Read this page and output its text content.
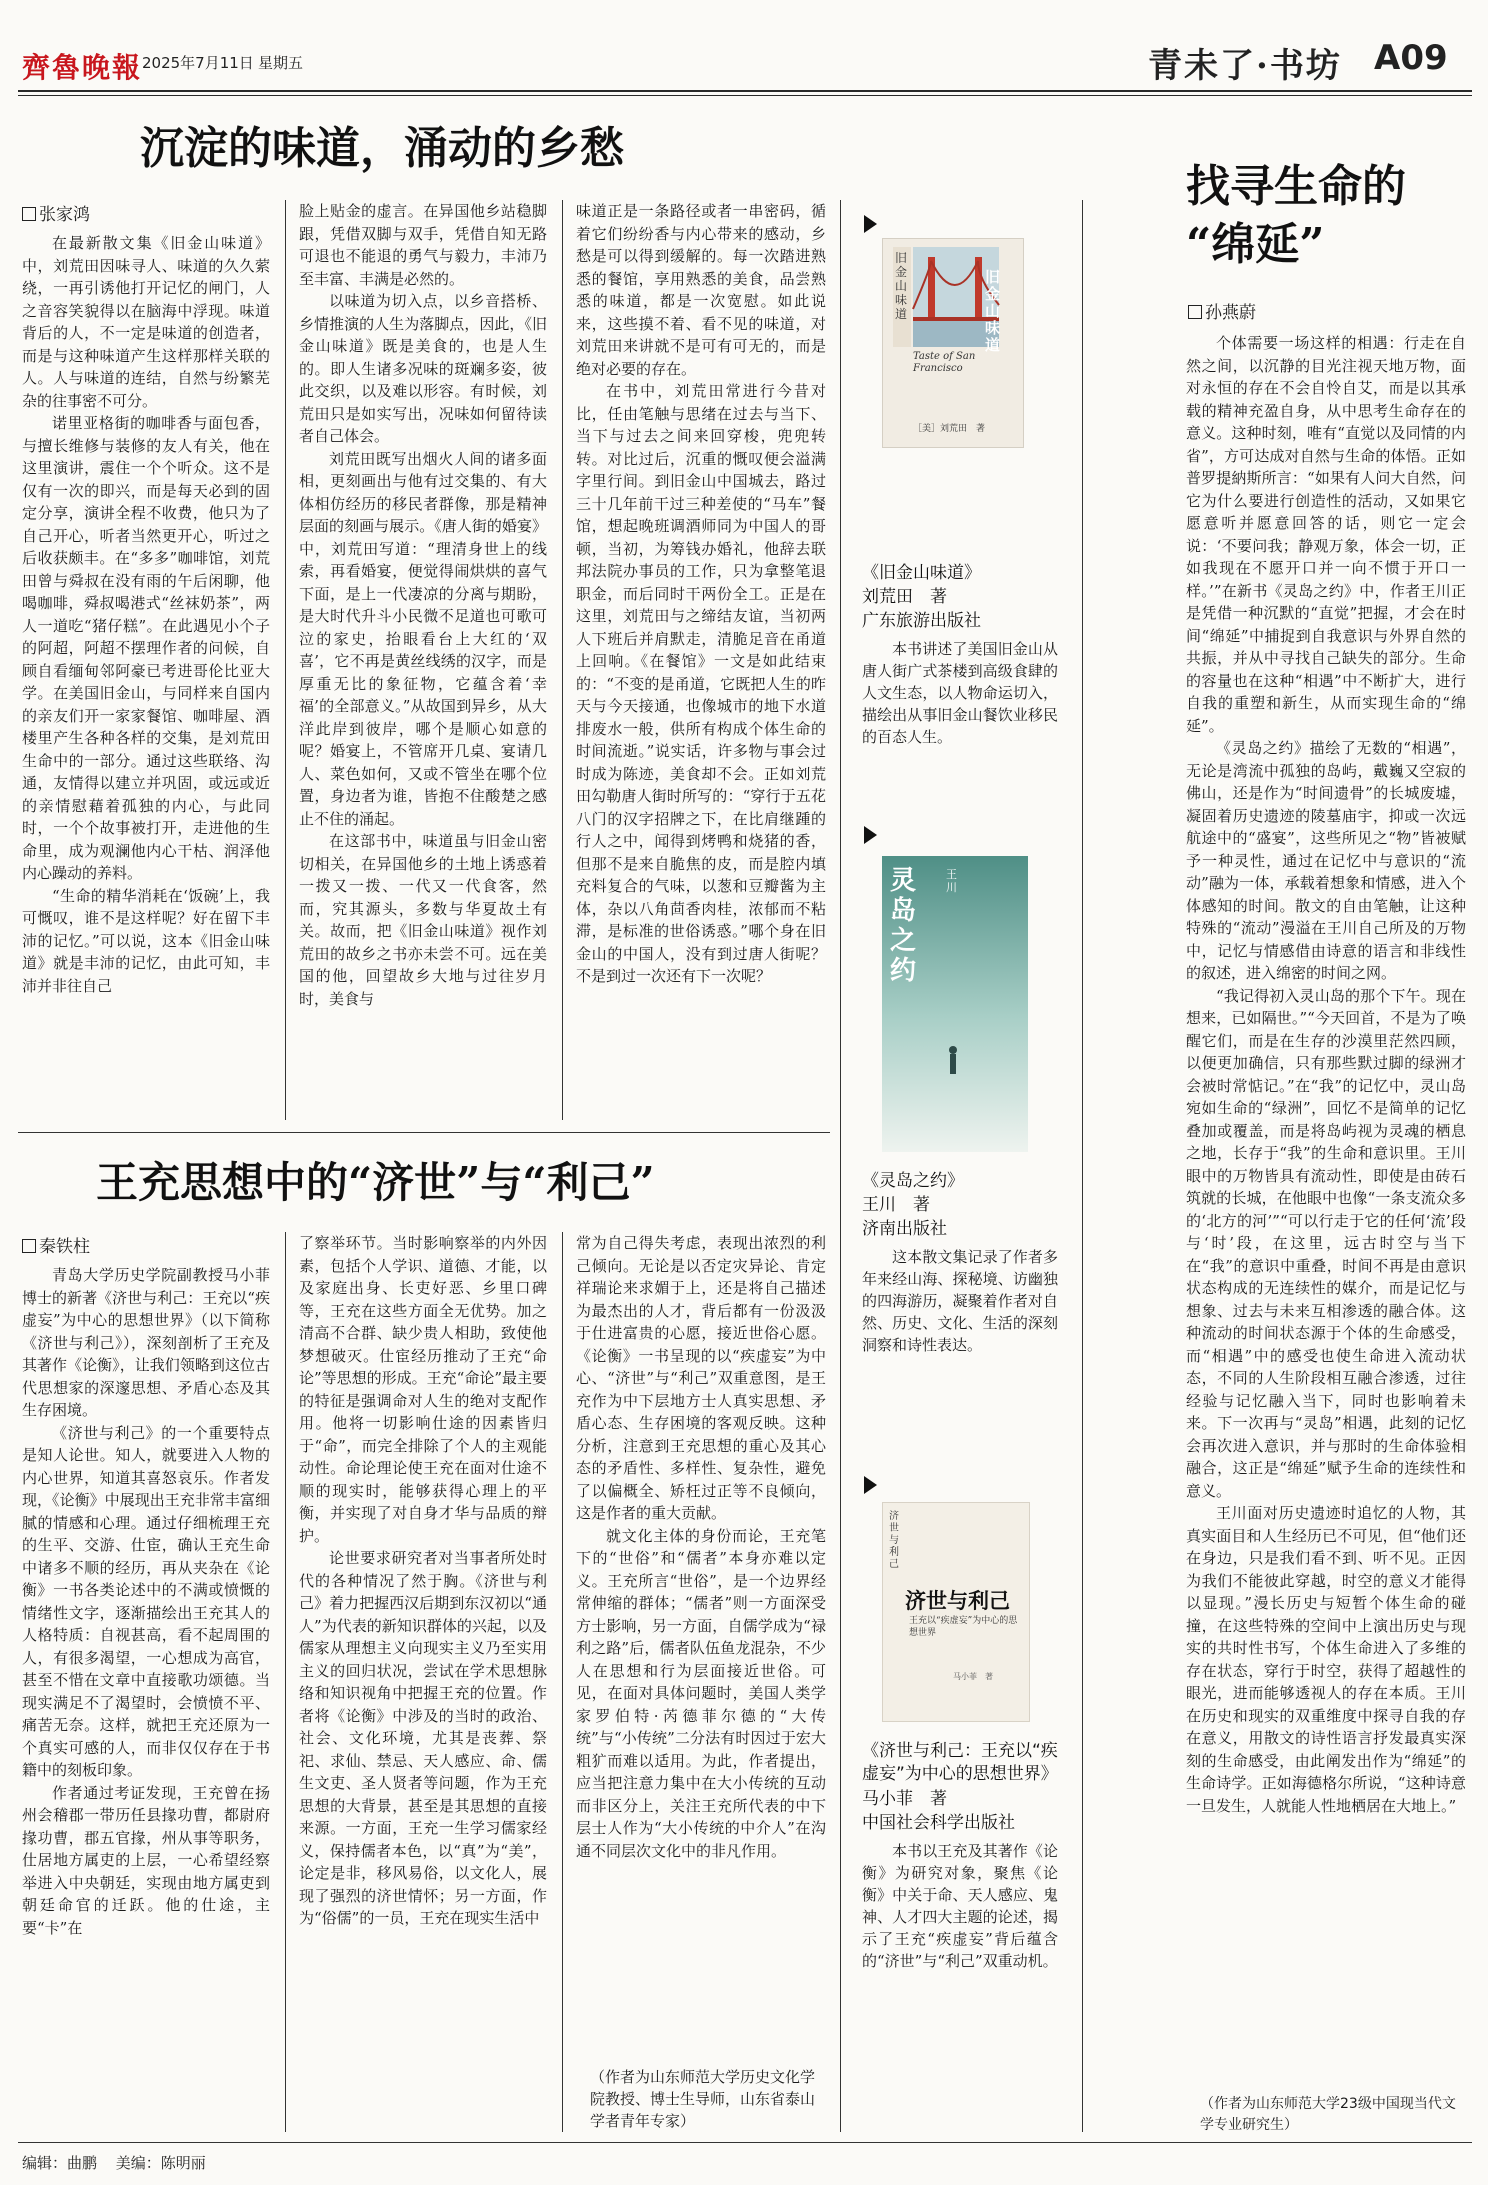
齊魯晚報 2025年7月11日 星期五	青未了·书坊 A09
沉淀的味道，涌动的乡愁
张家鸿

在最新散文集《旧金山味道》中，刘荒田因味寻人、味道的久久萦绕，一再引诱他打开记忆的闸门，人之音容笑貌得以在脑海中浮现。味道背后的人，不一定是味道的创造者，而是与这种味道产生这样那样关联的人。人与味道的连结，自然与纷繁芜杂的往事密不可分。

诺里亚格街的咖啡香与面包香，与擅长维修与装修的友人有关，他在这里演讲，震住一个个听众。这不是仅有一次的即兴，而是每天必到的固定分享，演讲全程不收费，他只为了自己开心，听者当然更开心，听过之后收获颇丰。在“多多”咖啡馆，刘荒田曾与舜叔在没有雨的午后闲聊，他喝咖啡，舜叔喝港式“丝袜奶茶”，两人一道吃“猪仔糕”。在此遇见小个子的阿超，阿超不摆理作者的问候，自顾自看缅甸邻阿豪已考进哥伦比亚大学。在美国旧金山，与同样来自国内的亲友们开一家家餐馆、咖啡屋、酒楼里产生各种各样的交集，是刘荒田生命中的一部分。通过这些联络、沟通，友情得以建立并巩固，或远或近的亲情慰藉着孤独的内心，与此同时，一个个故事被打开，走进他的生命里，成为观澜他内心干枯、润泽他内心躁动的养料。

“生命的精华消耗在‘饭碗’上，我可慨叹，谁不是这样呢？好在留下丰沛的记忆。”可以说，这本《旧金山味道》就是丰沛的记忆，由此可知，丰沛并非往自己

脸上贴金的虚言。在异国他乡站稳脚跟，凭借双脚与双手，凭借自知无路可退也不能退的勇气与毅力，丰沛乃至丰富、丰满是必然的。

以味道为切入点，以乡音搭桥、乡情推演的人生为落脚点，因此，《旧金山味道》既是美食的，也是人生的。即人生诸多况味的斑斓多姿，彼此交织，以及难以形容。有时候，刘荒田只是如实写出，况味如何留待读者自己体会。

刘荒田既写出烟火人间的诸多面相，更刻画出与他有过交集的、有大体相仿经历的移民者群像，那是精神层面的刻画与展示。《唐人街的婚宴》中，刘荒田写道：“理清身世上的线索，再看婚宴，便觉得闹烘烘的喜气下面，是上一代凄凉的分离与期盼，是大时代升斗小民微不足道也可歌可泣的家史，抬眼看台上大红的‘双喜’，它不再是黄丝线绣的汉字，而是厚重无比的象征物，它蕴含着‘幸福’的全部意义。”从故国到异乡，从大洋此岸到彼岸，哪个是顺心如意的呢？婚宴上，不管席开几桌、宴请几人、菜色如何，又或不管坐在哪个位置，身边者为谁，皆抱不住酸楚之感止不住的涌起。

在这部书中，味道虽与旧金山密切相关，在异国他乡的土地上诱惑着一拨又一拨、一代又一代食客，然而，究其源头，多数与华夏故土有关。故而，把《旧金山味道》视作刘荒田的故乡之书亦未尝不可。远在美国的他，回望故乡大地与过往岁月时，美食与

味道正是一条路径或者一串密码，循着它们纷纷香与内心带来的感动，乡愁是可以得到缓解的。每一次踏进熟悉的餐馆，享用熟悉的美食，品尝熟悉的味道，都是一次宽慰。如此说来，这些摸不着、看不见的味道，对刘荒田来讲就不是可有可无的，而是绝对必要的存在。

在书中，刘荒田常进行今昔对比，任由笔触与思绪在过去与当下、当下与过去之间来回穿梭，兜兜转转。对比过后，沉重的慨叹便会溢满字里行间。到旧金山中国城去，路过三十几年前干过三种差使的“马车”餐馆，想起晚班调酒师同为中国人的哥顿，当初，为筹钱办婚礼，他辞去联邦法院办事员的工作，只为拿整笔退职金，而后同时干两份全工。正是在这里，刘荒田与之缔结友谊，当初两人下班后并肩默走，清脆足音在甬道上回响。《在餐馆》一文是如此结束的：“不变的是甬道，它既把人生的昨天与今天接通，也像城市的地下水道排废水一般，供所有构成个体生命的时间流逝。”说实话，许多物与事会过时成为陈迹，美食却不会。正如刘荒田勾勒唐人街时所写的：“穿行于五花八门的汉字招牌之下，在比肩继踵的行人之中，闻得到烤鸭和烧猪的香，但那不是来自脆焦的皮，而是腔内填充料复合的气味，以葱和豆瓣酱为主体，杂以八角茴香肉桂，浓郁而不粘滞，是标准的世俗诱惑。”哪个身在旧金山的中国人，没有到过唐人街呢？不是到过一次还有下一次呢？

王充思想中的“济世”与“利己”
秦铁柱

青岛大学历史学院副教授马小菲博士的新著《济世与利己：王充以“疾虚妄”为中心的思想世界》（以下简称《济世与利己》），深刻剖析了王充及其著作《论衡》，让我们领略到这位古代思想家的深邃思想、矛盾心态及其生存困境。

《济世与利己》的一个重要特点是知人论世。知人，就要进入人物的内心世界，知道其喜怒哀乐。作者发现，《论衡》中展现出王充非常丰富细腻的情感和心理。通过仔细梳理王充的生平、交游、仕宦，确认王充生命中诸多不顺的经历，再从夹杂在《论衡》一书各类论述中的不满或愤慨的情绪性文字，逐渐描绘出王充其人的人格特质：自视甚高，看不起周围的人，有很多渴望，一心想成为高官，甚至不惜在文章中直接歌功颂德。当现实满足不了渴望时，会愤愤不平、痛苦无奈。这样，就把王充还原为一个真实可感的人，而非仅仅存在于书籍中的刻板印象。

作者通过考证发现，王充曾在扬州会稽郡一带历任县掾功曹，都尉府掾功曹，郡五官掾，州从事等职务，仕居地方属吏的上层，一心希望经察举进入中央朝廷，实现由地方属吏到朝廷命官的迁跃。他的仕途，主要“卡”在

了察举环节。当时影响察举的内外因素，包括个人学识、道德、才能，以及家庭出身、长吏好恶、乡里口碑等，王充在这些方面全无优势。加之清高不合群、缺少贵人相助，致使他梦想破灭。仕宦经历推动了王充“命论”等思想的形成。王充“命论”最主要的特征是强调命对人生的绝对支配作用。他将一切影响仕途的因素皆归于“命”，而完全排除了个人的主观能动性。命论理论使王充在面对仕途不顺的现实时，能够获得心理上的平衡，并实现了对自身才华与品质的辩护。

论世要求研究者对当事者所处时代的各种情况了然于胸。《济世与利己》着力把握西汉后期到东汉初以“通人”为代表的新知识群体的兴起，以及儒家从理想主义向现实主义乃至实用主义的回归状况，尝试在学术思想脉络和知识视角中把握王充的位置。作者将《论衡》中涉及的当时的政治、社会、文化环境，尤其是丧葬、祭祀、求仙、禁忌、天人感应、命、儒生文吏、圣人贤者等问题，作为王充思想的大背景，甚至是其思想的直接来源。一方面，王充一生学习儒家经义，保持儒者本色，以“真”为“美”，论定是非，移风易俗，以文化人，展现了强烈的济世情怀；另一方面，作为“俗儒”的一员，王充在现实生活中

常为自己得失考虑，表现出浓烈的利己倾向。无论是以否定灾异论、肯定祥瑞论来求媚于上，还是将自己描述为最杰出的人才，背后都有一份汲汲于仕进富贵的心愿，接近世俗心愿。《论衡》一书呈现的以“疾虚妄”为中心、“济世”与“利己”双重意图，是王充作为中下层地方士人真实思想、矛盾心态、生存困境的客观反映。这种分析，注意到王充思想的重心及其心态的矛盾性、多样性、复杂性，避免了以偏概全、矫枉过正等不良倾向，这是作者的重大贡献。

就文化主体的身份而论，王充笔下的“世俗”和“儒者”本身亦难以定义。王充所言“世俗”，是一个边界经常伸缩的群体；“儒者”则一方面深受方士影响，另一方面，自儒学成为“禄利之路”后，儒者队伍鱼龙混杂，不少人在思想和行为层面接近世俗。可见，在面对具体问题时，美国人类学家罗伯特·芮德菲尔德的“大传统”与“小传统”二分法有时因过于宏大粗犷而难以适用。为此，作者提出，应当把注意力集中在大小传统的互动而非区分上，关注王充所代表的中下层士人作为“大小传统的中介人”在沟通不同层次文化中的非凡作用。

（作者为山东师范大学历史文化学院教授、博士生导师，山东省泰山学者青年专家）
旧金山味道
旧金山味道
Taste of San Francisco
［美］刘荒田　著
《旧金山味道》
刘荒田　著
广东旅游出版社
本书讲述了美国旧金山从唐人街广式茶楼到高级食肆的人文生态，以人物命运切入，描绘出从事旧金山餐饮业移民的百态人生。
灵岛之约
王川
《灵岛之约》
王川　著
济南出版社
这本散文集记录了作者多年来经山海、探秘境、访幽独的四海游历，凝聚着作者对自然、历史、文化、生活的深刻洞察和诗性表达。
济世与利己
济世与利己
王充以“疾虚妄”为中心的思想世界
马小菲　著
《济世与利己：王充以“疾虚妄”为中心的思想世界》
马小菲　著
中国社会科学出版社
本书以王充及其著作《论衡》为研究对象，聚焦《论衡》中关于命、天人感应、鬼神、人才四大主题的论述，揭示了王充“疾虚妄”背后蕴含的“济世”与“利己”双重动机。
找寻生命的
“绵延”
孙燕蔚

个体需要一场这样的相遇：行走在自然之间，以沉静的目光注视天地万物，面对永恒的存在不会自怜自艾，而是以其承载的精神充盈自身，从中思考生命存在的意义。这种时刻，唯有“直觉以及同情的内省”，方可达成对自然与生命的体悟。正如普罗提納斯所言：“如果有人问大自然，问它为什么要进行创造性的活动，又如果它愿意听并愿意回答的话，则它一定会说：‘不要问我；静观万象，体会一切，正如我现在不愿开口并一向不惯于开口一样。’”在新书《灵岛之约》中，作者王川正是凭借一种沉默的“直觉”把握，才会在时间“绵延”中捕捉到自我意识与外界自然的共振，并从中寻找自己缺失的部分。生命的容量也在这种“相遇”中不断扩大，进行自我的重塑和新生，从而实现生命的“绵延”。

《灵岛之约》描绘了无数的“相遇”，无论是湾流中孤独的岛屿，戴巍又空寂的佛山，还是作为“时间遗骨”的长城废墟，凝固着历史遗迹的陵墓庙宇，抑或一次远航途中的“盛宴”，这些所见之“物”皆被赋予一种灵性，通过在记忆中与意识的“流动”融为一体，承载着想象和情感，进入个体感知的时间。散文的自由笔触，让这种特殊的“流动”漫溢在王川自己所及的万物中，记忆与情感借由诗意的语言和非线性的叙述，进入绵密的时间之网。

“我记得初入灵山岛的那个下午。现在想来，已如隔世。”“今天回首，不是为了唤醒它们，而是在生存的沙漠里茫然四顾，以便更加确信，只有那些默过脚的绿洲才会被时常惦记。”在“我”的记忆中，灵山岛宛如生命的“绿洲”，回忆不是简单的记忆叠加或覆盖，而是将岛屿视为灵魂的栖息之地，长存于“我”的生命和意识里。王川眼中的万物皆具有流动性，即使是由砖石筑就的长城，在他眼中也像“一条支流众多的‘北方的河’”“可以行走于它的任何‘流’段与‘时’段，在这里，远古时空与当下在“我”的意识中重叠，时间不再是由意识状态构成的无连续性的媒介，而是记忆与想象、过去与未来互相渗透的融合体。这种流动的时间状态源于个体的生命感受，而“相遇”中的感受也使生命进入流动状态，不同的人生阶段相互融合渗透，过往经验与记忆融入当下，同时也影响着未来。下一次再与“灵岛”相遇，此刻的记忆会再次进入意识，并与那时的生命体验相融合，这正是“绵延”赋予生命的连续性和意义。

王川面对历史遗迹时追忆的人物，其真实面目和人生经历已不可见，但“他们还在身边，只是我们看不到、听不见。正因为我们不能彼此穿越，时空的意义才能得以显现。”漫长历史与短暂个体生命的碰撞，在这些特殊的空间中上演出历史与现实的共时性书写，个体生命进入了多维的存在状态，穿行于时空，获得了超越性的眼光，进而能够透视人的存在本质。王川在历史和现实的双重维度中探寻自我的存在意义，用散文的诗性语言抒发最真实深刻的生命感受，由此阐发出作为“绵延”的生命诗学。正如海德格尔所说，“这种诗意一旦发生，人就能人性地栖居在大地上。”

（作者为山东师范大学23级中国现当代文学专业研究生）
编辑：曲鹏 美编：陈明丽
